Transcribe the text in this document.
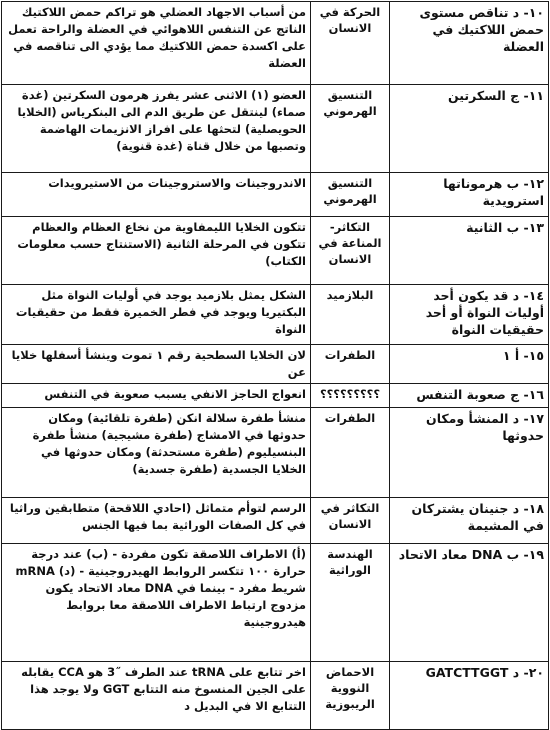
١٠- د تناقص مستوى حمض اللاكتيك في العضلة	الحركة في الانسان	من أسباب الاجهاد العضلي هو تراكم حمض اللاكتيك الناتج عن التنفس اللاهوائي في العضلة والراحة تعمل على اكسدة حمض اللاكتيك مما يؤدي الى تناقصه في العضلة
١١- ج السكرتين	التنسيق الهرموني	العضو (١) الاثنى عشر يفرز هرمون السكرتين (غدة صماء) لينتقل عن طريق الدم الى البنكرياس (الخلايا الحويصلية) لتحثها على افراز الانزيمات الهاضمة وتصبها من خلال قناة (غدة قنوية)
١٢- ب هرموناتها استرويدية	التنسيق الهرموني	الاندروجينات والاستروجينات من الاستيرويدات
١٣- ب الثانية	التكاثر- المناعة في الانسان	تتكون الخلايا الليمفاوية من نخاع العظام والعظام تتكون في المرحلة الثانية (الاستنتاج حسب معلومات الكتاب)
١٤- د قد يكون أحد أوليات النواة أو أحد حقيقيات النواة	البلازميد	الشكل يمثل بلازميد يوجد في أوليات النواة مثل البكتيريا ويوجد في فطر الخميرة فقط من حقيقيات النواة
١٥- أ ١	الطفرات	لان الخلايا السطحية رقم ١ تموت وينشأ أسفلها خلايا عن
١٦- ج صعوبة التنفس	؟؟؟؟؟؟؟؟؟	انعواج الحاجز الانفي يسبب صعوبة في التنفس
١٧- د المنشأ ومكان حدوثها	الطفرات	منشأ طفرة سلالة انكن (طفرة تلقائية) ومكان حدوثها في الامشاج (طفرة مشيجية) منشأ طفرة البنسيليوم (طفرة مستحدثة) ومكان حدوثها في الخلايا الجسدية (طفرة جسدية)
١٨- د جنينان يشتركان في المشيمة	التكاثر في الانسان	الرسم لتوأم متماثل (احادي اللاقحة) متطابقين وراثيا في كل الصفات الوراثية بما فيها الجنس
١٩- ب DNA معاد الاتحاد	الهندسة الوراثية	(أ) الاطراف اللاصقة تكون مفردة - (ب) عند درجة حرارة ١٠٠ تتكسر الروابط الهيدروجينية - (د) mRNA شريط مفرد - بينما في DNA معاد الاتحاد يكون مزدوج ارتباط الاطراف اللاصقة معا بروابط هيدروجينية
٢٠- د GATCTTGGT	الاحماض النووية الريبوزية	اخر تتابع على tRNA عند الطرف ˝3 هو CCA يقابله على الجين المنسوخ منه التتابع GGT ولا يوجد هذا التتابع الا في البديل د
